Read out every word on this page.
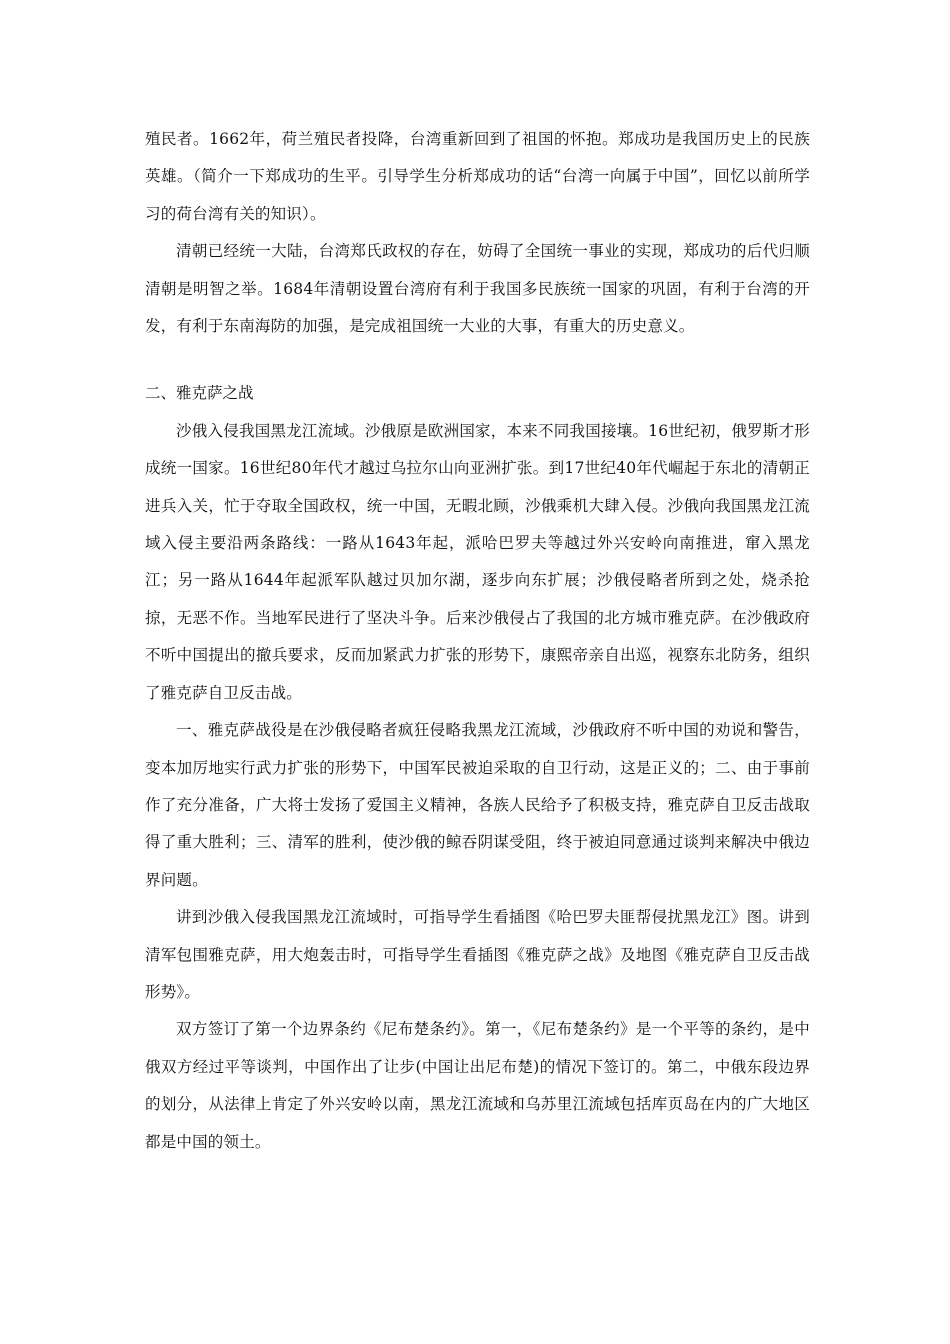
殖民者。1662年，荷兰殖民者投降，台湾重新回到了祖国的怀抱。郑成功是我国历史上的民族英雄。（简介一下郑成功的生平。引导学生分析郑成功的话“台湾一向属于中国”，回忆以前所学习的荷台湾有关的知识）。

清朝已经统一大陆，台湾郑氏政权的存在，妨碍了全国统一事业的实现，郑成功的后代归顺清朝是明智之举。1684年清朝设置台湾府有利于我国多民族统一国家的巩固，有利于台湾的开发，有利于东南海防的加强，是完成祖国统一大业的大事，有重大的历史意义。

二、雅克萨之战

沙俄入侵我国黑龙江流域。沙俄原是欧洲国家，本来不同我国接壤。16世纪初，俄罗斯才形成统一国家。16世纪80年代才越过乌拉尔山向亚洲扩张。到17世纪40年代崛起于东北的清朝正进兵入关，忙于夺取全国政权，统一中国，无暇北顾，沙俄乘机大肆入侵。沙俄向我国黑龙江流域入侵主要沿两条路线：一路从1643年起，派哈巴罗夫等越过外兴安岭向南推进，窜入黑龙江；另一路从1644年起派军队越过贝加尔湖，逐步向东扩展；沙俄侵略者所到之处，烧杀抢掠，无恶不作。当地军民进行了坚决斗争。后来沙俄侵占了我国的北方城市雅克萨。在沙俄政府不听中国提出的撤兵要求，反而加紧武力扩张的形势下，康熙帝亲自出巡，视察东北防务，组织了雅克萨自卫反击战。

一、雅克萨战役是在沙俄侵略者疯狂侵略我黑龙江流域，沙俄政府不听中国的劝说和警告，变本加厉地实行武力扩张的形势下，中国军民被迫采取的自卫行动，这是正义的；二、由于事前作了充分准备，广大将士发扬了爱国主义精神，各族人民给予了积极支持，雅克萨自卫反击战取得了重大胜利；三、清军的胜利，使沙俄的鲸吞阴谋受阻，终于被迫同意通过谈判来解决中俄边界问题。

讲到沙俄入侵我国黑龙江流域时，可指导学生看插图《哈巴罗夫匪帮侵扰黑龙江》图。讲到清军包围雅克萨，用大炮轰击时，可指导学生看插图《雅克萨之战》及地图《雅克萨自卫反击战形势》。

双方签订了第一个边界条约《尼布楚条约》。第一，《尼布楚条约》是一个平等的条约，是中俄双方经过平等谈判，中国作出了让步(中国让出尼布楚)的情况下签订的。第二，中俄东段边界的划分，从法律上肯定了外兴安岭以南，黑龙江流域和乌苏里江流域包括库页岛在内的广大地区都是中国的领土。
